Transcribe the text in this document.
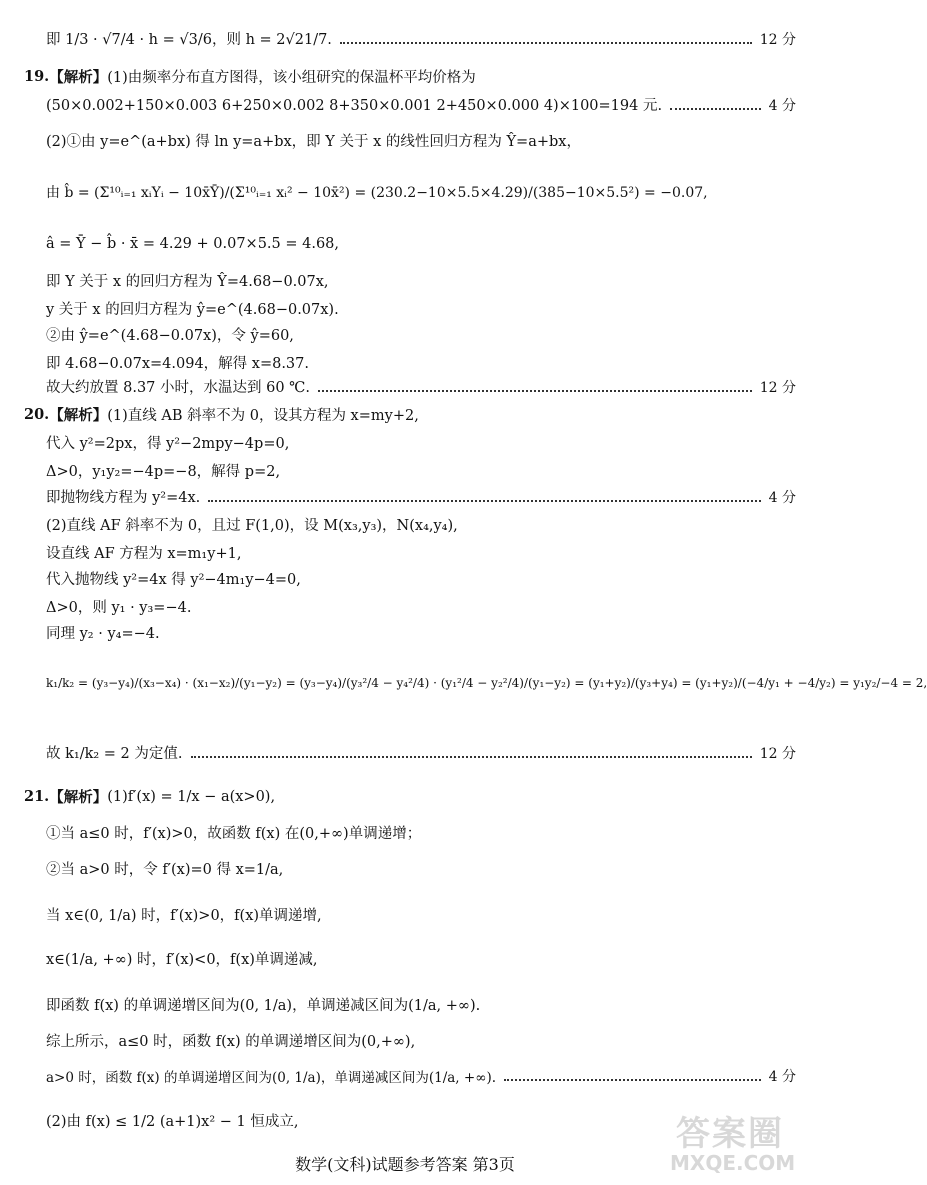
即 1/3 · √7/4 · h = √3/6，则 h = 2√21/7.	12 分
19. 【解析】 (1)由频率分布直方图得，该小组研究的保温杯平均价格为
(50×0.002+150×0.003 6+250×0.002 8+350×0.001 2+450×0.000 4)×100=194 元.	4 分
(2)①由 y=e^(a+bx) 得 ln y=a+bx，即 Y 关于 x 的线性回归方程为 Ŷ=a+bx，
由 b̂ = (Σ¹⁰ᵢ₌₁ xᵢYᵢ − 10x̄Ȳ)/(Σ¹⁰ᵢ₌₁ xᵢ² − 10x̄²) = (230.2−10×5.5×4.29)/(385−10×5.5²) = −0.07,
â = Ȳ − b̂ · x̄ = 4.29 + 0.07×5.5 = 4.68,
即 Y 关于 x 的回归方程为 Ŷ=4.68−0.07x,
y 关于 x 的回归方程为 ŷ=e^(4.68−0.07x).
②由 ŷ=e^(4.68−0.07x)，令 ŷ=60,
即 4.68−0.07x=4.094，解得 x=8.37.
故大约放置 8.37 小时，水温达到 60 ℃.	12 分
20. 【解析】 (1)直线 AB 斜率不为 0，设其方程为 x=my+2,
代入 y²=2px，得 y²−2mpy−4p=0,
Δ>0，y₁y₂=−4p=−8，解得 p=2,
即抛物线方程为 y²=4x.	4 分
(2)直线 AF 斜率不为 0，且过 F(1,0)，设 M(x₃,y₃)，N(x₄,y₄),
设直线 AF 方程为 x=m₁y+1,
代入抛物线 y²=4x 得 y²−4m₁y−4=0,
Δ>0，则 y₁ · y₃=−4.
同理 y₂ · y₄=−4.
k₁/k₂ = (y₃−y₄)/(x₃−x₄) · (x₁−x₂)/(y₁−y₂) = (y₃−y₄)/(y₃²/4 − y₄²/4) · (y₁²/4 − y₂²/4)/(y₁−y₂) = (y₁+y₂)/(y₃+y₄) = (y₁+y₂)/(−4/y₁ + −4/y₂) = y₁y₂/−4 = 2,
故 k₁/k₂ = 2 为定值.	12 分
21. 【解析】 (1)f′(x) = 1/x − a(x>0),
①当 a≤0 时，f′(x)>0，故函数 f(x) 在(0,+∞)单调递增；
②当 a>0 时，令 f′(x)=0 得 x=1/a,
当 x∈(0, 1/a) 时，f′(x)>0，f(x)单调递增,
x∈(1/a, +∞) 时，f′(x)<0，f(x)单调递减,
即函数 f(x) 的单调递增区间为(0, 1/a)，单调递减区间为(1/a, +∞).
综上所示，a≤0 时，函数 f(x) 的单调递增区间为(0,+∞),
a>0 时，函数 f(x) 的单调递增区间为(0, 1/a)，单调递减区间为(1/a, +∞).	4 分
(2)由 f(x) ≤ 1/2 (a+1)x² − 1 恒成立,
数学(文科)试题参考答案 第3页
答案圈
MXQE.COM
